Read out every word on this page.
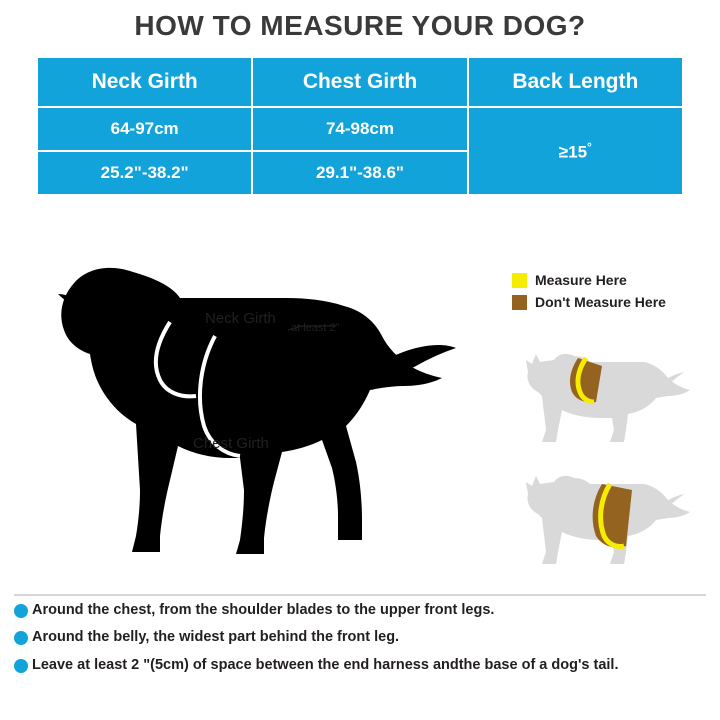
HOW TO MEASURE YOUR DOG?
Neck Girth	Chest Girth	Back Length
64-97cm	74-98cm	≥15°
25.2"-38.2"	29.1"-38.6"	
Measure Here
Don't Measure Here
Neck Girth
Chest Girth
at least 2"
Around the chest, from the shoulder blades to the upper front legs.
Around the belly, the widest part behind the front leg.
Leave at least 2 "(5cm) of space between the end harness andthe base of a dog's tail.
